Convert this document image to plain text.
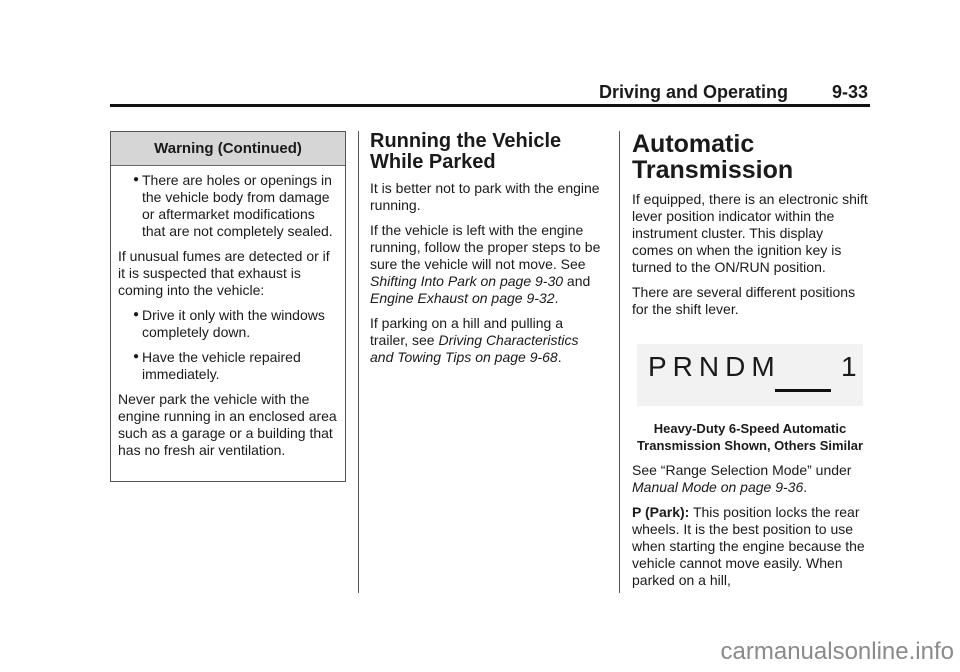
Driving and Operating 9-33
Warning (Continued)
● There are holes or openings in the vehicle body from damage or aftermarket modifications that are not completely sealed.

If unusual fumes are detected or if it is suspected that exhaust is coming into the vehicle:

● Drive it only with the windows completely down.
● Have the vehicle repaired immediately.

Never park the vehicle with the engine running in an enclosed area such as a garage or a building that has no fresh air ventilation.

Running the Vehicle While Parked

It is better not to park with the engine running.

If the vehicle is left with the engine running, follow the proper steps to be sure the vehicle will not move. See Shifting Into Park on page 9-30 and Engine Exhaust on page 9-32.

If parking on a hill and pulling a trailer, see Driving Characteristics and Towing Tips on page 9-68.

Automatic Transmission

If equipped, there is an electronic shift lever position indicator within the instrument cluster. This display comes on when the ignition key is turned to the ON/RUN position.

There are several different positions for the shift lever.

PRNDM 1
Heavy-Duty 6-Speed Automatic Transmission Shown, Others Similar

See “Range Selection Mode” under Manual Mode on page 9-36.

P (Park): This position locks the rear wheels. It is the best position to use when starting the engine because the vehicle cannot move easily. When parked on a hill,

carmanualsonline.info
